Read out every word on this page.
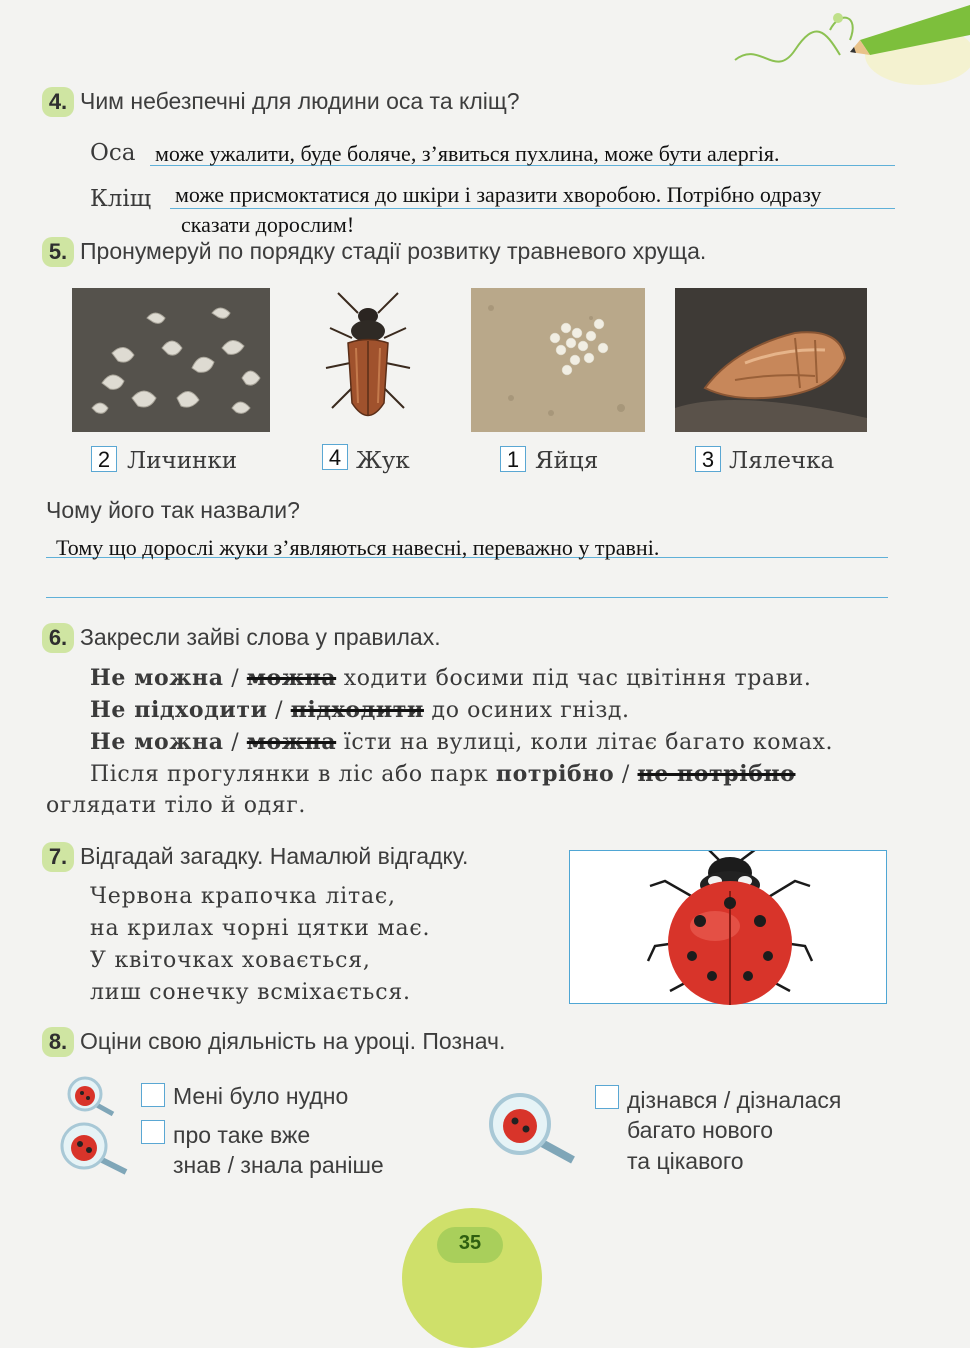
4. Чим небезпечні для людини оса та кліщ?
Оса може ужалити, буде боляче, з’явиться пухлина, може бути алергія.
Кліщ може присмоктатися до шкіри і заразити хворобою. Потрібно одразу
сказати дорослим!
5. Пронумеруй по порядку стадії розвитку травневого хруща.
2 Личинки	4 Жук	1 Яйця	3 Лялечка
Чому його так назвали?
Тому що дорослі жуки з’являються навесні, переважно у травні.
6. Закресли зайві слова у правилах.
Не можна / можна ходити босими під час цвітіння трави.
Не підходити / підходити до осиних гнізд.
Не можна / можна їсти на вулиці, коли літає багато комах.
Після прогулянки в ліс або парк потрібно / не потрібно
оглядати тіло й одяг.
7. Відгадай загадку. Намалюй відгадку.
Червона крапочка літає,
на крилах чорні цятки має.
У квіточках ховається,
лиш сонечку всміхається.
8. Оціни свою діяльність на уроці. Познач.
Мені було нудно
про таке вже
знав / знала раніше
дізнався / дізналася
багато нового
та цікавого
35
